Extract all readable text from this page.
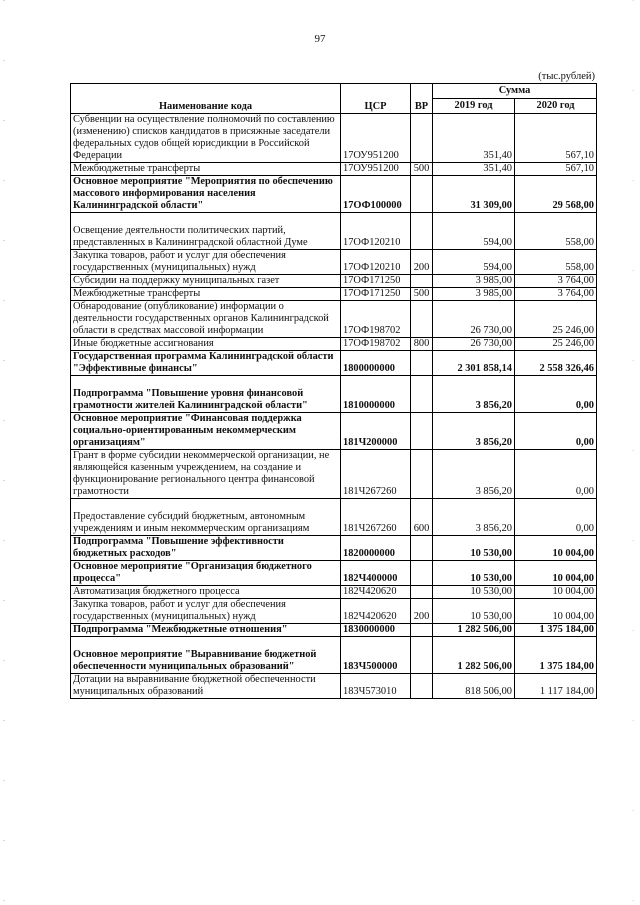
97
(тыс.рублей)
Наименование кода	ЦСР	ВР	Сумма	
			2019 год	2020 год
Субвенции на осуществление полномочий по составлению (изменению) списков кандидатов в присяжные заседатели федеральных судов общей юрисдикции в Российской Федерации	17ОУ951200		351,40	567,10
Межбюджетные трансферты	17ОУ951200	500	351,40	567,10
Основное мероприятие "Мероприятия по обеспечению массового информирования населения Калининградской области"	17ОФ100000		31 309,00	29 568,00
Освещение деятельности политических партий, представленных в Калининградской областной Думе	17ОФ120210		594,00	558,00
Закупка товаров, работ и услуг для обеспечения государственных (муниципальных) нужд	17ОФ120210	200	594,00	558,00
Субсидии на поддержку муниципальных газет	17ОФ171250		3 985,00	3 764,00
Межбюджетные трансферты	17ОФ171250	500	3 985,00	3 764,00
Обнародование (опубликование) информации о деятельности государственных органов Калининградской области в средствах массовой информации	17ОФ198702		26 730,00	25 246,00
Иные бюджетные ассигнования	17ОФ198702	800	26 730,00	25 246,00
Государственная программа Калининградской области "Эффективные финансы"	1800000000		2 301 858,14	2 558 326,46
Подпрограмма "Повышение уровня финансовой грамотности жителей Калининградской области"	1810000000		3 856,20	0,00
Основное мероприятие "Финансовая поддержка социально-ориентированным некоммерческим организациям"	181Ч200000		3 856,20	0,00
Грант в форме субсидии некоммерческой организации, не являющейся казенным учреждением, на создание и функционирование регионального центра финансовой грамотности	181Ч267260		3 856,20	0,00
Предоставление субсидий бюджетным, автономным учреждениям и иным некоммерческим организациям	181Ч267260	600	3 856,20	0,00
Подпрограмма "Повышение эффективности бюджетных расходов"	1820000000		10 530,00	10 004,00
Основное мероприятие "Организация бюджетного процесса"	182Ч400000		10 530,00	10 004,00
Автоматизация бюджетного процесса	182Ч420620		10 530,00	10 004,00
Закупка товаров, работ и услуг для обеспечения государственных (муниципальных) нужд	182Ч420620	200	10 530,00	10 004,00
Подпрограмма "Межбюджетные отношения"	1830000000		1 282 506,00	1 375 184,00
Основное мероприятие "Выравнивание бюджетной обеспеченности муниципальных образований"	183Ч500000		1 282 506,00	1 375 184,00
Дотации на выравнивание бюджетной обеспеченности муниципальных образований	183Ч573010		818 506,00	1 117 184,00
